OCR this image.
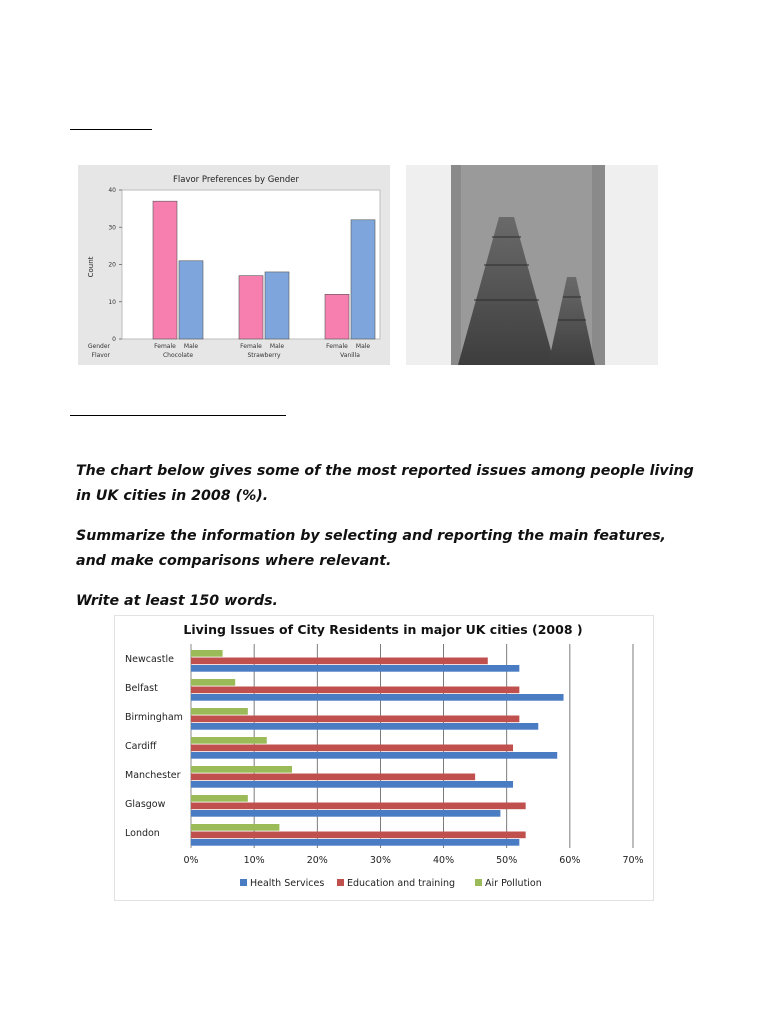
Flavor Preferences by Gender
Count
Gender
Flavor
0
10
20
30
40
Female Male
Chocolate
Female Male
Strawberry
Female Male
Vanilla

The chart below gives some of the most reported issues among people living in UK cities in 2008 (%).

Summarize the information by selecting and reporting the main features, and make comparisons where relevant.

Write at least 150 words.

Living Issues of City Residents in major UK cities (2008 )
0%	10%	20%	30%	40%	50%	60%	70%
Newcastle
Belfast
Birmingham
Cardiff
Manchester
Glasgow
London
Health Services Education and training	Air Pollution
